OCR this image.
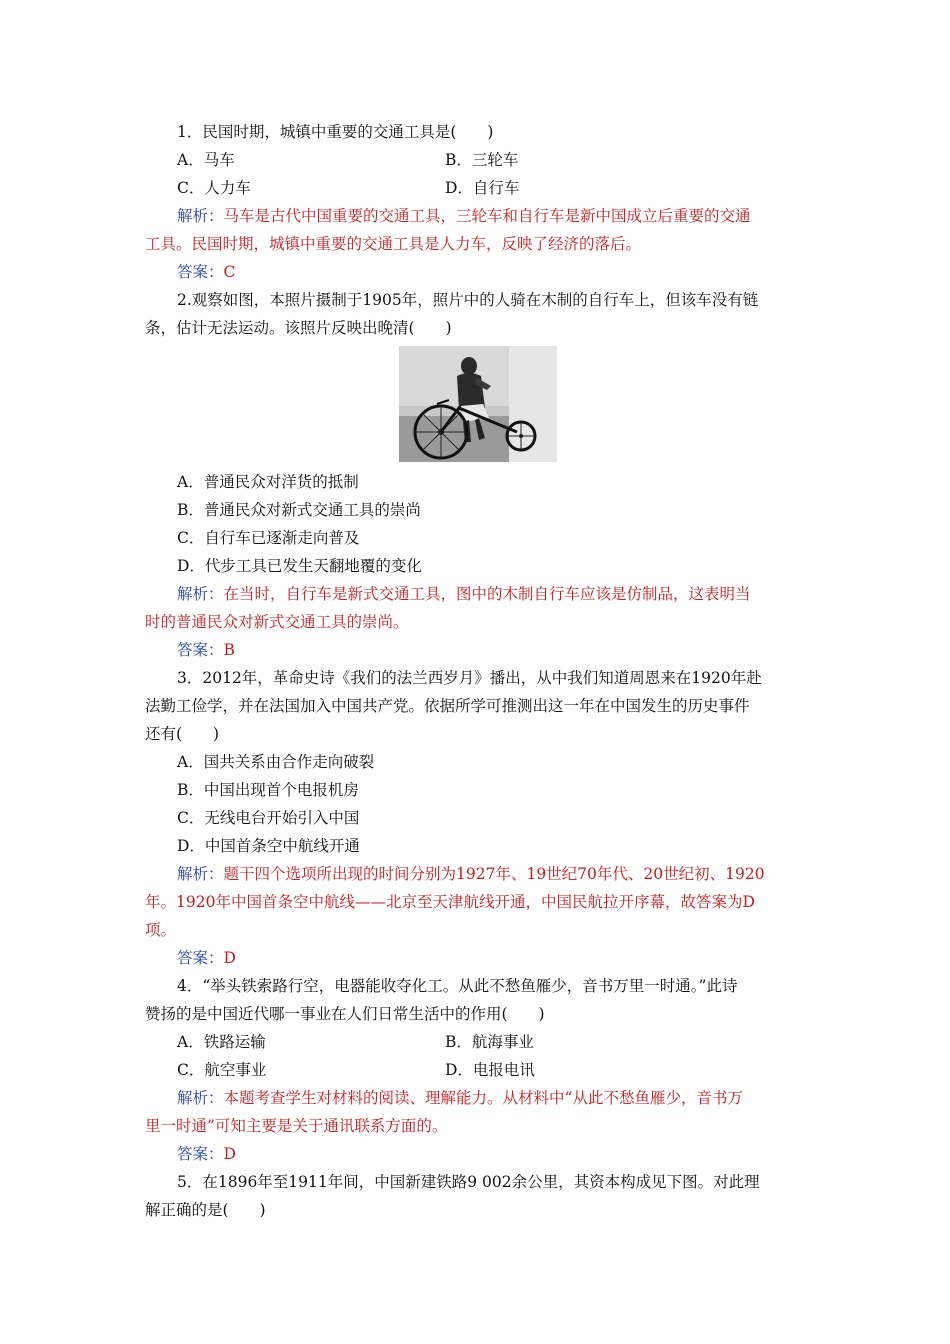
1．民国时期，城镇中重要的交通工具是(　　)
A．马车	B．三轮车
C．人力车	D．自行车
解析：马车是古代中国重要的交通工具，三轮车和自行车是新中国成立后重要的交通
工具。民国时期，城镇中重要的交通工具是人力车，反映了经济的落后。
答案：C
2.观察如图，本照片摄制于1905年，照片中的人骑在木制的自行车上，但该车没有链
条，估计无法运动。该照片反映出晚清(　　)
A．普通民众对洋货的抵制
B．普通民众对新式交通工具的崇尚
C．自行车已逐渐走向普及
D．代步工具已发生天翻地覆的变化
解析：在当时，自行车是新式交通工具，图中的木制自行车应该是仿制品，这表明当
时的普通民众对新式交通工具的崇尚。
答案：B
3．2012年，革命史诗《我们的法兰西岁月》播出，从中我们知道周恩来在1920年赴
法勤工俭学，并在法国加入中国共产党。依据所学可推测出这一年在中国发生的历史事件
还有(　　)
A．国共关系由合作走向破裂
B．中国出现首个电报机房
C．无线电台开始引入中国
D．中国首条空中航线开通
解析：题干四个选项所出现的时间分别为1927年、19世纪70年代、20世纪初、1920
年。1920年中国首条空中航线——北京至天津航线开通，中国民航拉开序幕，故答案为D
项。
答案：D
4．“举头铁索路行空，电器能收夺化工。从此不愁鱼雁少，音书万里一时通。”此诗
赞扬的是中国近代哪一事业在人们日常生活中的作用(　　)
A．铁路运输	B．航海事业
C．航空事业	D．电报电讯
解析：本题考查学生对材料的阅读、理解能力。从材料中“从此不愁鱼雁少，音书万
里一时通”可知主要是关于通讯联系方面的。
答案：D
5．在1896年至1911年间，中国新建铁路9 002余公里，其资本构成见下图。对此理
解正确的是(　　)
